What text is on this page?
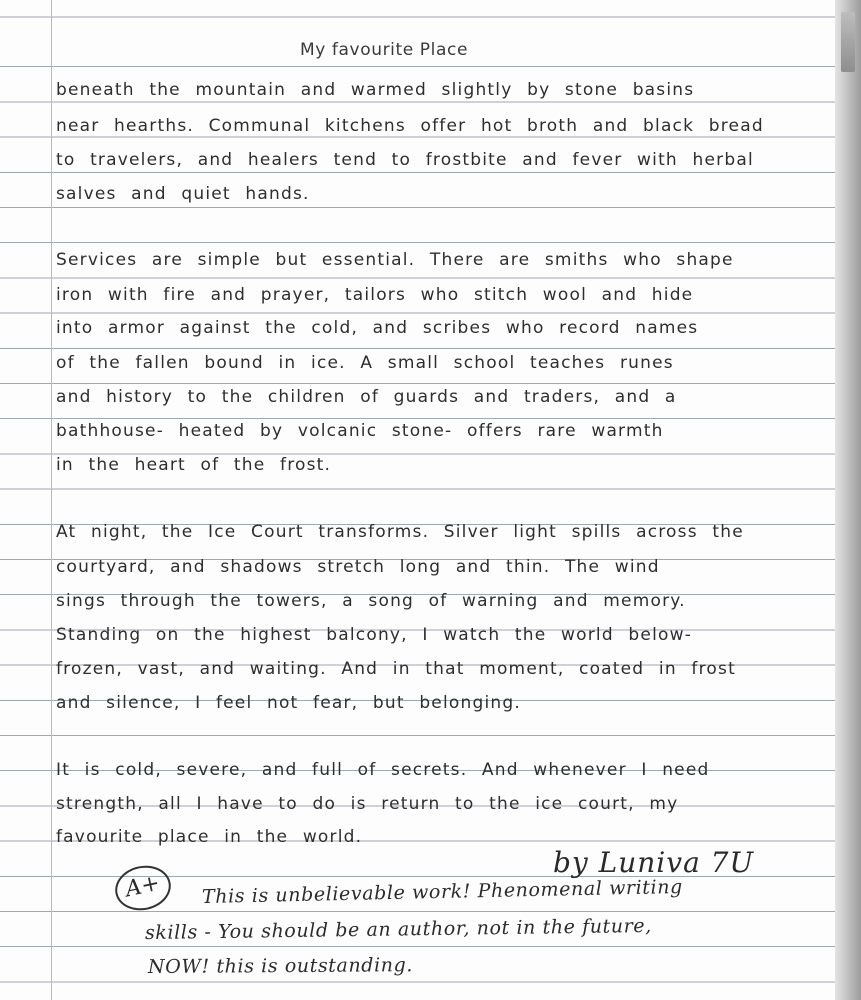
My favourite Place

beneath the mountain and warmed slightly by stone basins

near hearths. Communal kitchens offer hot broth and black bread

to travelers, and healers tend to frostbite and fever with herbal

salves and quiet hands.

Services are simple but essential. There are smiths who shape

iron with fire and prayer, tailors who stitch wool and hide

into armor against the cold, and scribes who record names

of the fallen bound in ice. A small school teaches runes

and history to the children of guards and traders, and a

bathhouse- heated by volcanic stone- offers rare warmth

in the heart of the frost.

At night, the Ice Court transforms. Silver light spills across the

courtyard, and shadows stretch long and thin. The wind

sings through the towers, a song of warning and memory.

Standing on the highest balcony, I watch the world below-

frozen, vast, and waiting. And in that moment, coated in frost

and silence, I feel not fear, but belonging.

It is cold, severe, and full of secrets. And whenever I need

strength, all I have to do is return to the ice court, my

favourite place in the world.

by Luniva 7U

A+	This is unbelievable work! Phenomenal writing

skills - You should be an author, not in the future,

NOW! this is outstanding.
